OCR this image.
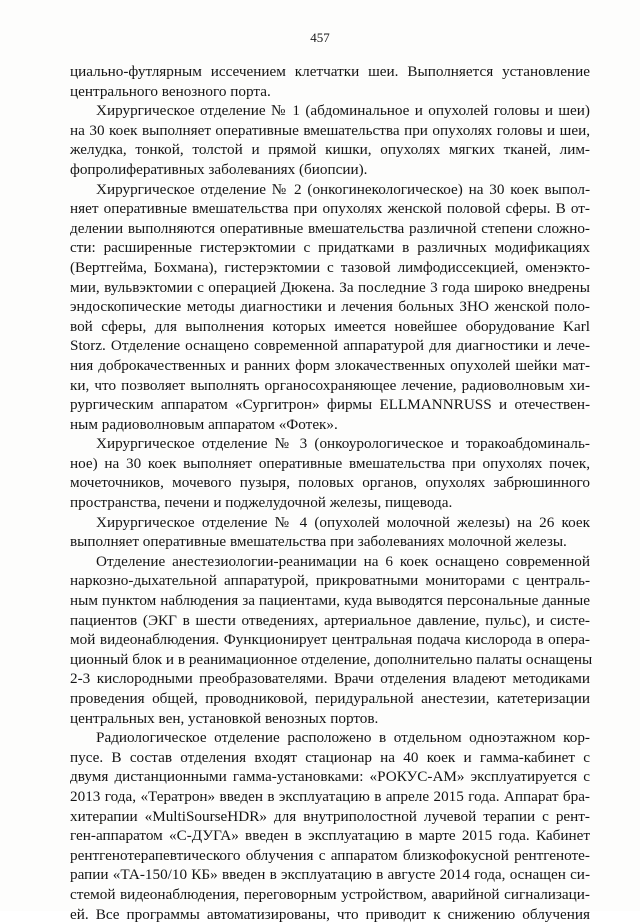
457
циально-футлярным иссечением клетчатки шеи. Выполняется установление
центрального венозного порта.
Хирургическое отделение № 1 (абдоминальное и опухолей головы и шеи)
на 30 коек выполняет оперативные вмешательства при опухолях головы и шеи,
желудка, тонкой, толстой и прямой кишки, опухолях мягких тканей, лим-
фопролиферативных заболеваниях (биопсии).
Хирургическое отделение № 2 (онкогинекологическое) на 30 коек выпол-
няет оперативные вмешательства при опухолях женской половой сферы. В от-
делении выполняются оперативные вмешательства различной степени сложно-
сти: расширенные гистерэктомии с придатками в различных модификациях
(Вертгейма, Бохмана), гистерэктомии с тазовой лимфодиссекцией, оменэкто-
мии, вульвэктомии с операцией Дюкена. За последние 3 года широко внедрены
эндоскопические методы диагностики и лечения больных ЗНО женской поло-
вой сферы, для выполнения которых имеется новейшее оборудование Karl
Storz. Отделение оснащено современной аппаратурой для диагностики и лече-
ния доброкачественных и ранних форм злокачественных опухолей шейки мат-
ки, что позволяет выполнять органосохраняющее лечение, радиоволновым хи-
рургическим аппаратом «Сургитрон» фирмы ELLMANNRUSS и отечествен-
ным радиоволновым аппаратом «Фотек».
Хирургическое отделение № 3 (онкоурологическое и торакоабдоминаль-
ное) на 30 коек выполняет оперативные вмешательства при опухолях почек,
мочеточников, мочевого пузыря, половых органов, опухолях забрюшинного
пространства, печени и поджелудочной железы, пищевода.
Хирургическое отделение № 4 (опухолей молочной железы) на 26 коек
выполняет оперативные вмешательства при заболеваниях молочной железы.
Отделение анестезиологии-реанимации на 6 коек оснащено современной
наркозно-дыхательной аппаратурой, прикроватными мониторами с централь-
ным пунктом наблюдения за пациентами, куда выводятся персональные данные
пациентов (ЭКГ в шести отведениях, артериальное давление, пульс), и систе-
мой видеонаблюдения. Функционирует центральная подача кислорода в опера-
ционный блок и в реанимационное отделение, дополнительно палаты оснащены
2-3 кислородными преобразователями. Врачи отделения владеют методиками
проведения общей, проводниковой, перидуральной анестезии, катетеризации
центральных вен, установкой венозных портов.
Радиологическое отделение расположено в отдельном одноэтажном кор-
пусе. В состав отделения входят стационар на 40 коек и гамма-кабинет с
двумя дистанционными гамма-установками: «РОКУС-АМ» эксплуатируется с
2013 года, «Тератрон» введен в эксплуатацию в апреле 2015 года. Аппарат бра-
хитерапии «MultiSourseHDR» для внутриполостной лучевой терапии с рент-
ген-аппаратом «С-ДУГА» введен в эксплуатацию в марте 2015 года. Кабинет
рентгенотерапевтического облучения с аппаратом близкофокусной рентгеноте-
рапии «ТА-150/10 КБ» введен в эксплуатацию в августе 2014 года, оснащен си-
стемой видеонаблюдения, переговорным устройством, аварийной сигнализаци-
ей. Все программы автоматизированы, что приводит к снижению облучения
